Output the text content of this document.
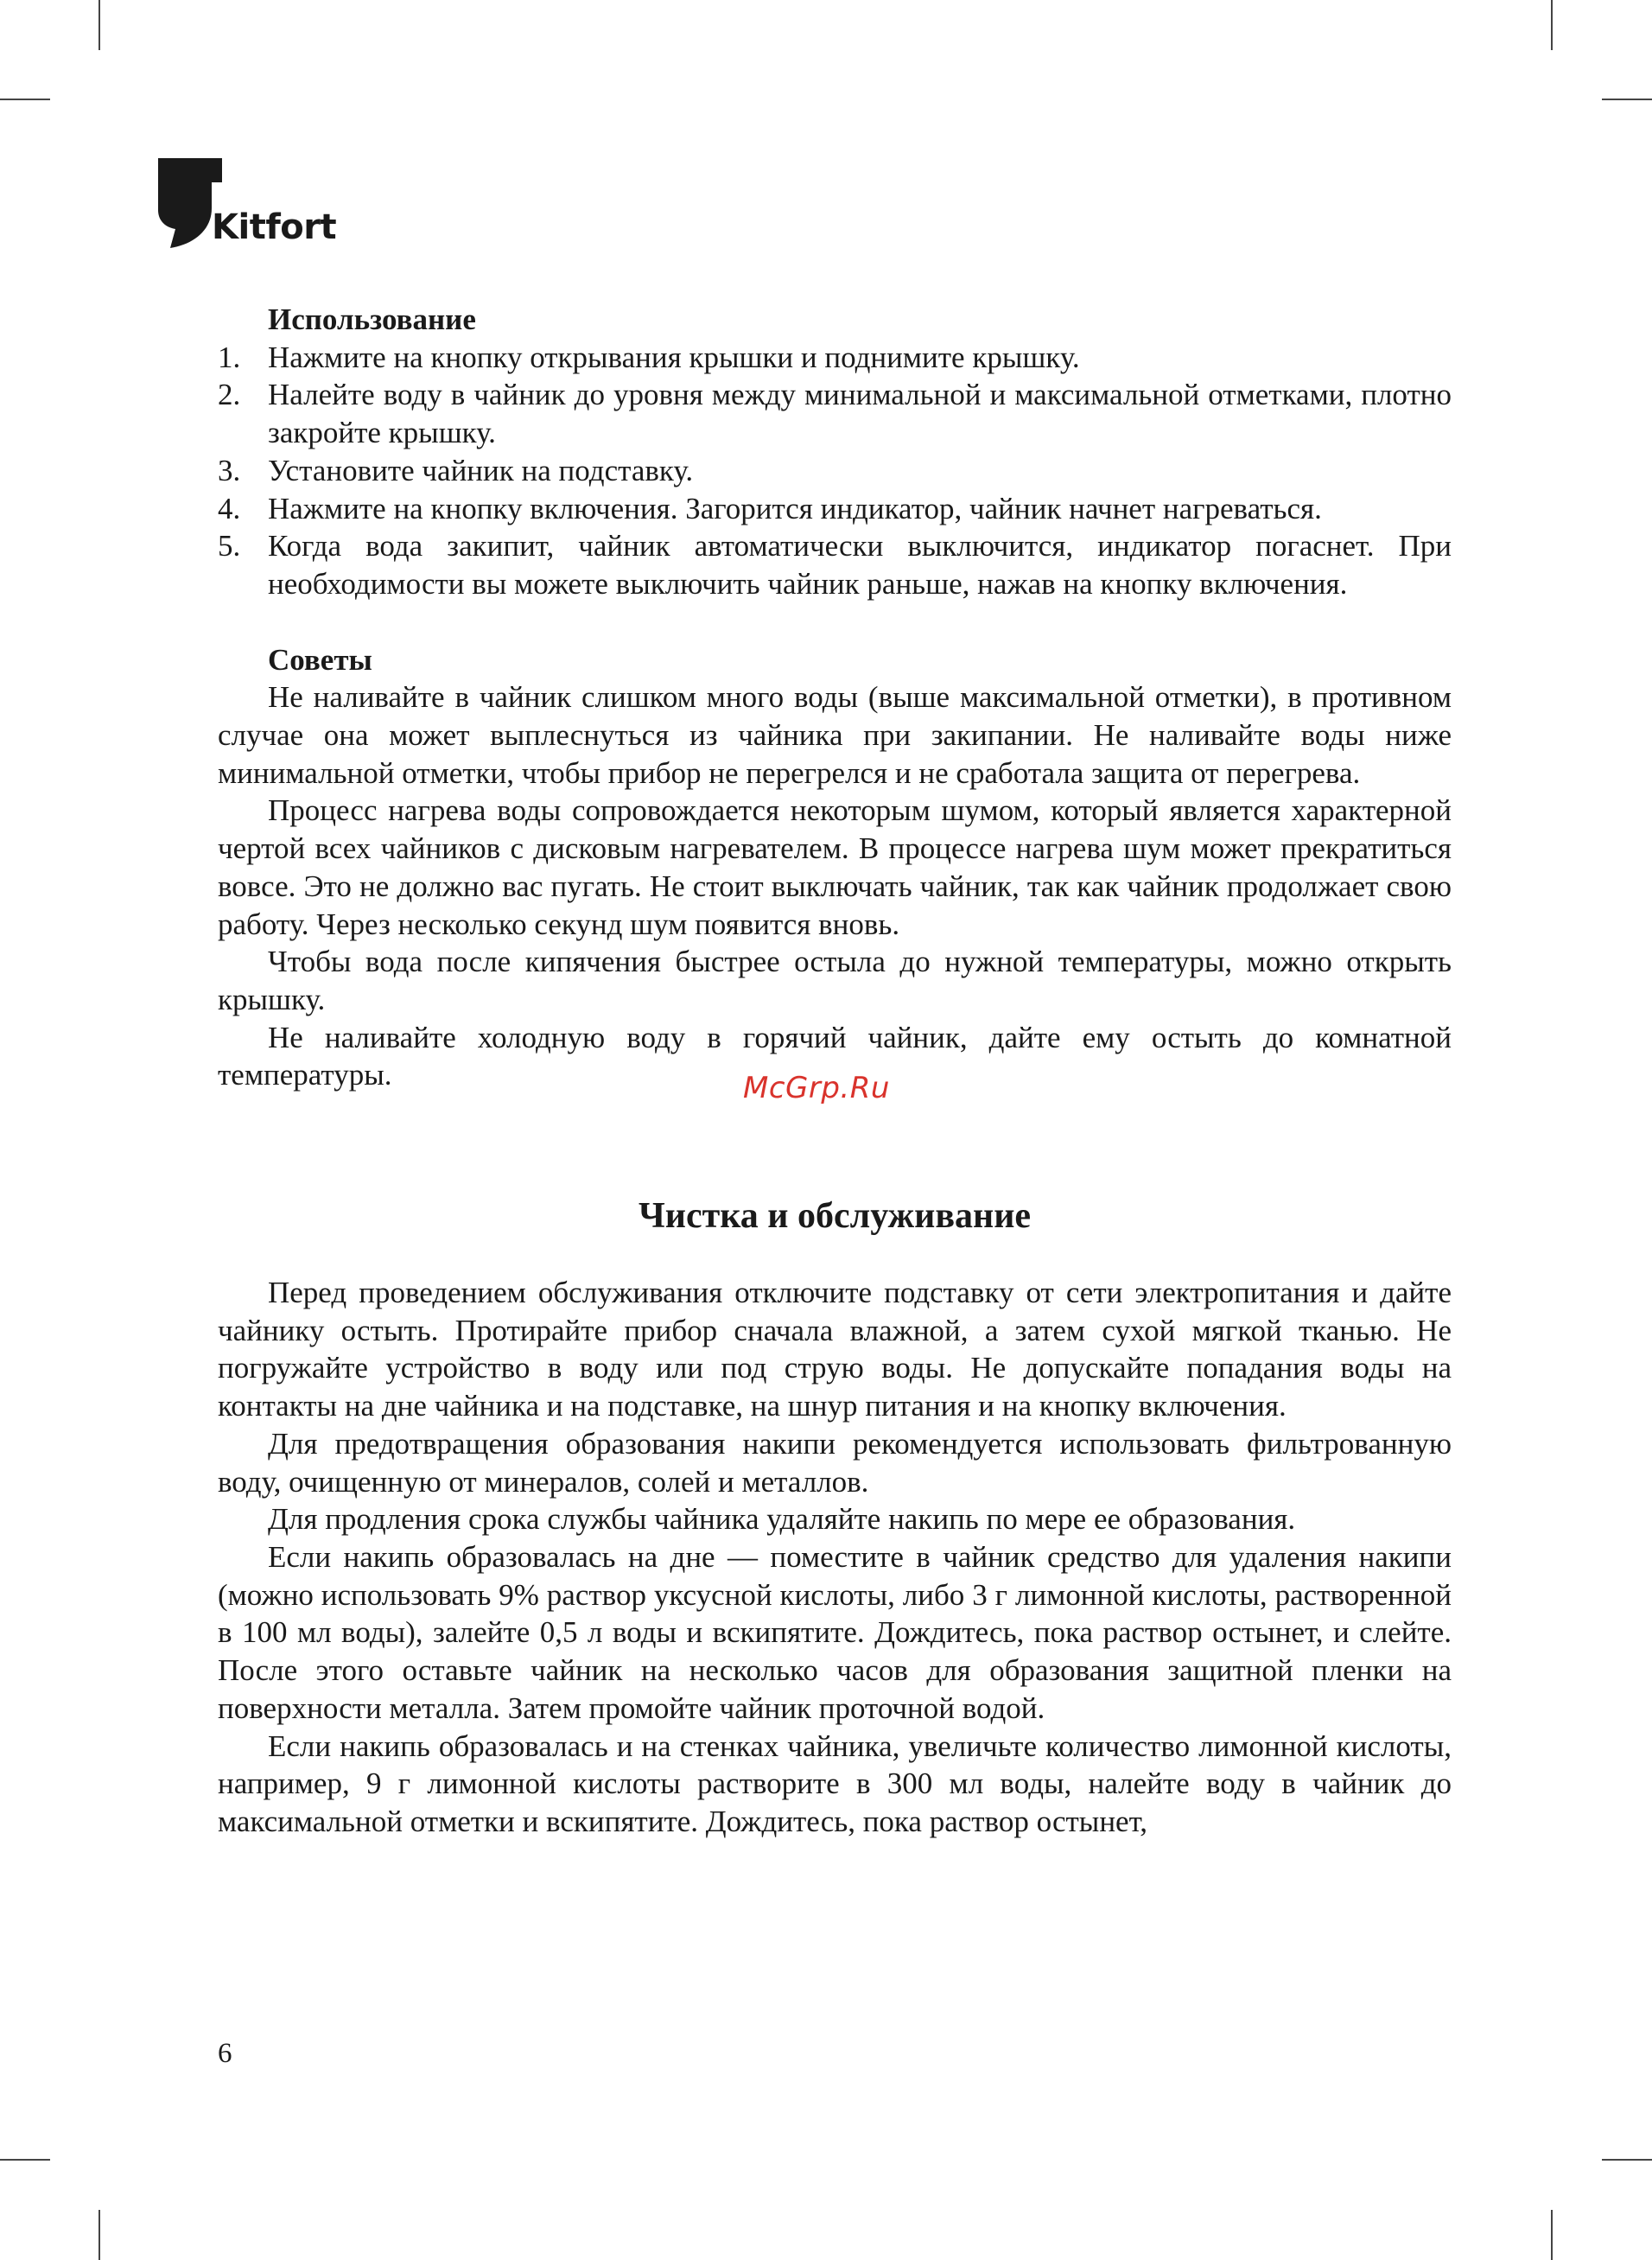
Kitfort
Использование
1. Нажмите на кнопку открывания крышки и поднимите крышку.
2. Налейте воду в чайник до уровня между минимальной и максимальной отметками, плотно закройте крышку.
3. Установите чайник на подставку.
4. Нажмите на кнопку включения. Загорится индикатор, чайник начнет нагреваться.
5. Когда вода закипит, чайник автоматически выключится, индикатор погаснет. При необходимости вы можете выключить чайник раньше, нажав на кнопку включения.
Советы

Не наливайте в чайник слишком много воды (выше максимальной отметки), в противном случае она может выплеснуться из чайника при закипании. Не наливайте воды ниже минимальной отметки, чтобы прибор не перегрелся и не сработала защита от перегрева.

Процесс нагрева воды сопровождается некоторым шумом, который является характерной чертой всех чайников с дисковым нагревателем. В процессе нагрева шум может прекратиться вовсе. Это не должно вас пугать. Не стоит выключать чайник, так как чайник продолжает свою работу. Через несколько секунд шум появится вновь.

Чтобы вода после кипячения быстрее остыла до нужной температуры, можно открыть крышку.

Не наливайте холодную воду в горячий чайник, дайте ему остыть до комнатной температуры.

Чистка и обслуживание

Перед проведением обслуживания отключите подставку от сети электропитания и дайте чайнику остыть. Протирайте прибор сначала влажной, а затем сухой мягкой тканью. Не погружайте устройство в воду или под струю воды. Не допускайте попадания воды на контакты на дне чайника и на подставке, на шнур питания и на кнопку включения.

Для предотвращения образования накипи рекомендуется использовать фильтрованную воду, очищенную от минералов, солей и металлов.

Для продления срока службы чайника удаляйте накипь по мере ее образования.

Если накипь образовалась на дне — поместите в чайник средство для удаления накипи (можно использовать 9% раствор уксусной кислоты, либо 3 г лимонной кислоты, растворенной в 100 мл воды), залейте 0,5 л воды и вскипятите. Дождитесь, пока раствор остынет, и слейте. После этого оставьте чайник на несколько часов для образования защитной пленки на поверхности металла. Затем промойте чайник проточной водой.

Если накипь образовалась и на стенках чайника, увеличьте количество лимонной кислоты, например, 9 г лимонной кислоты растворите в 300 мл воды, налейте воду в чайник до максимальной отметки и вскипятите. Дождитесь, пока раствор остынет,

McGrp.Ru
6
